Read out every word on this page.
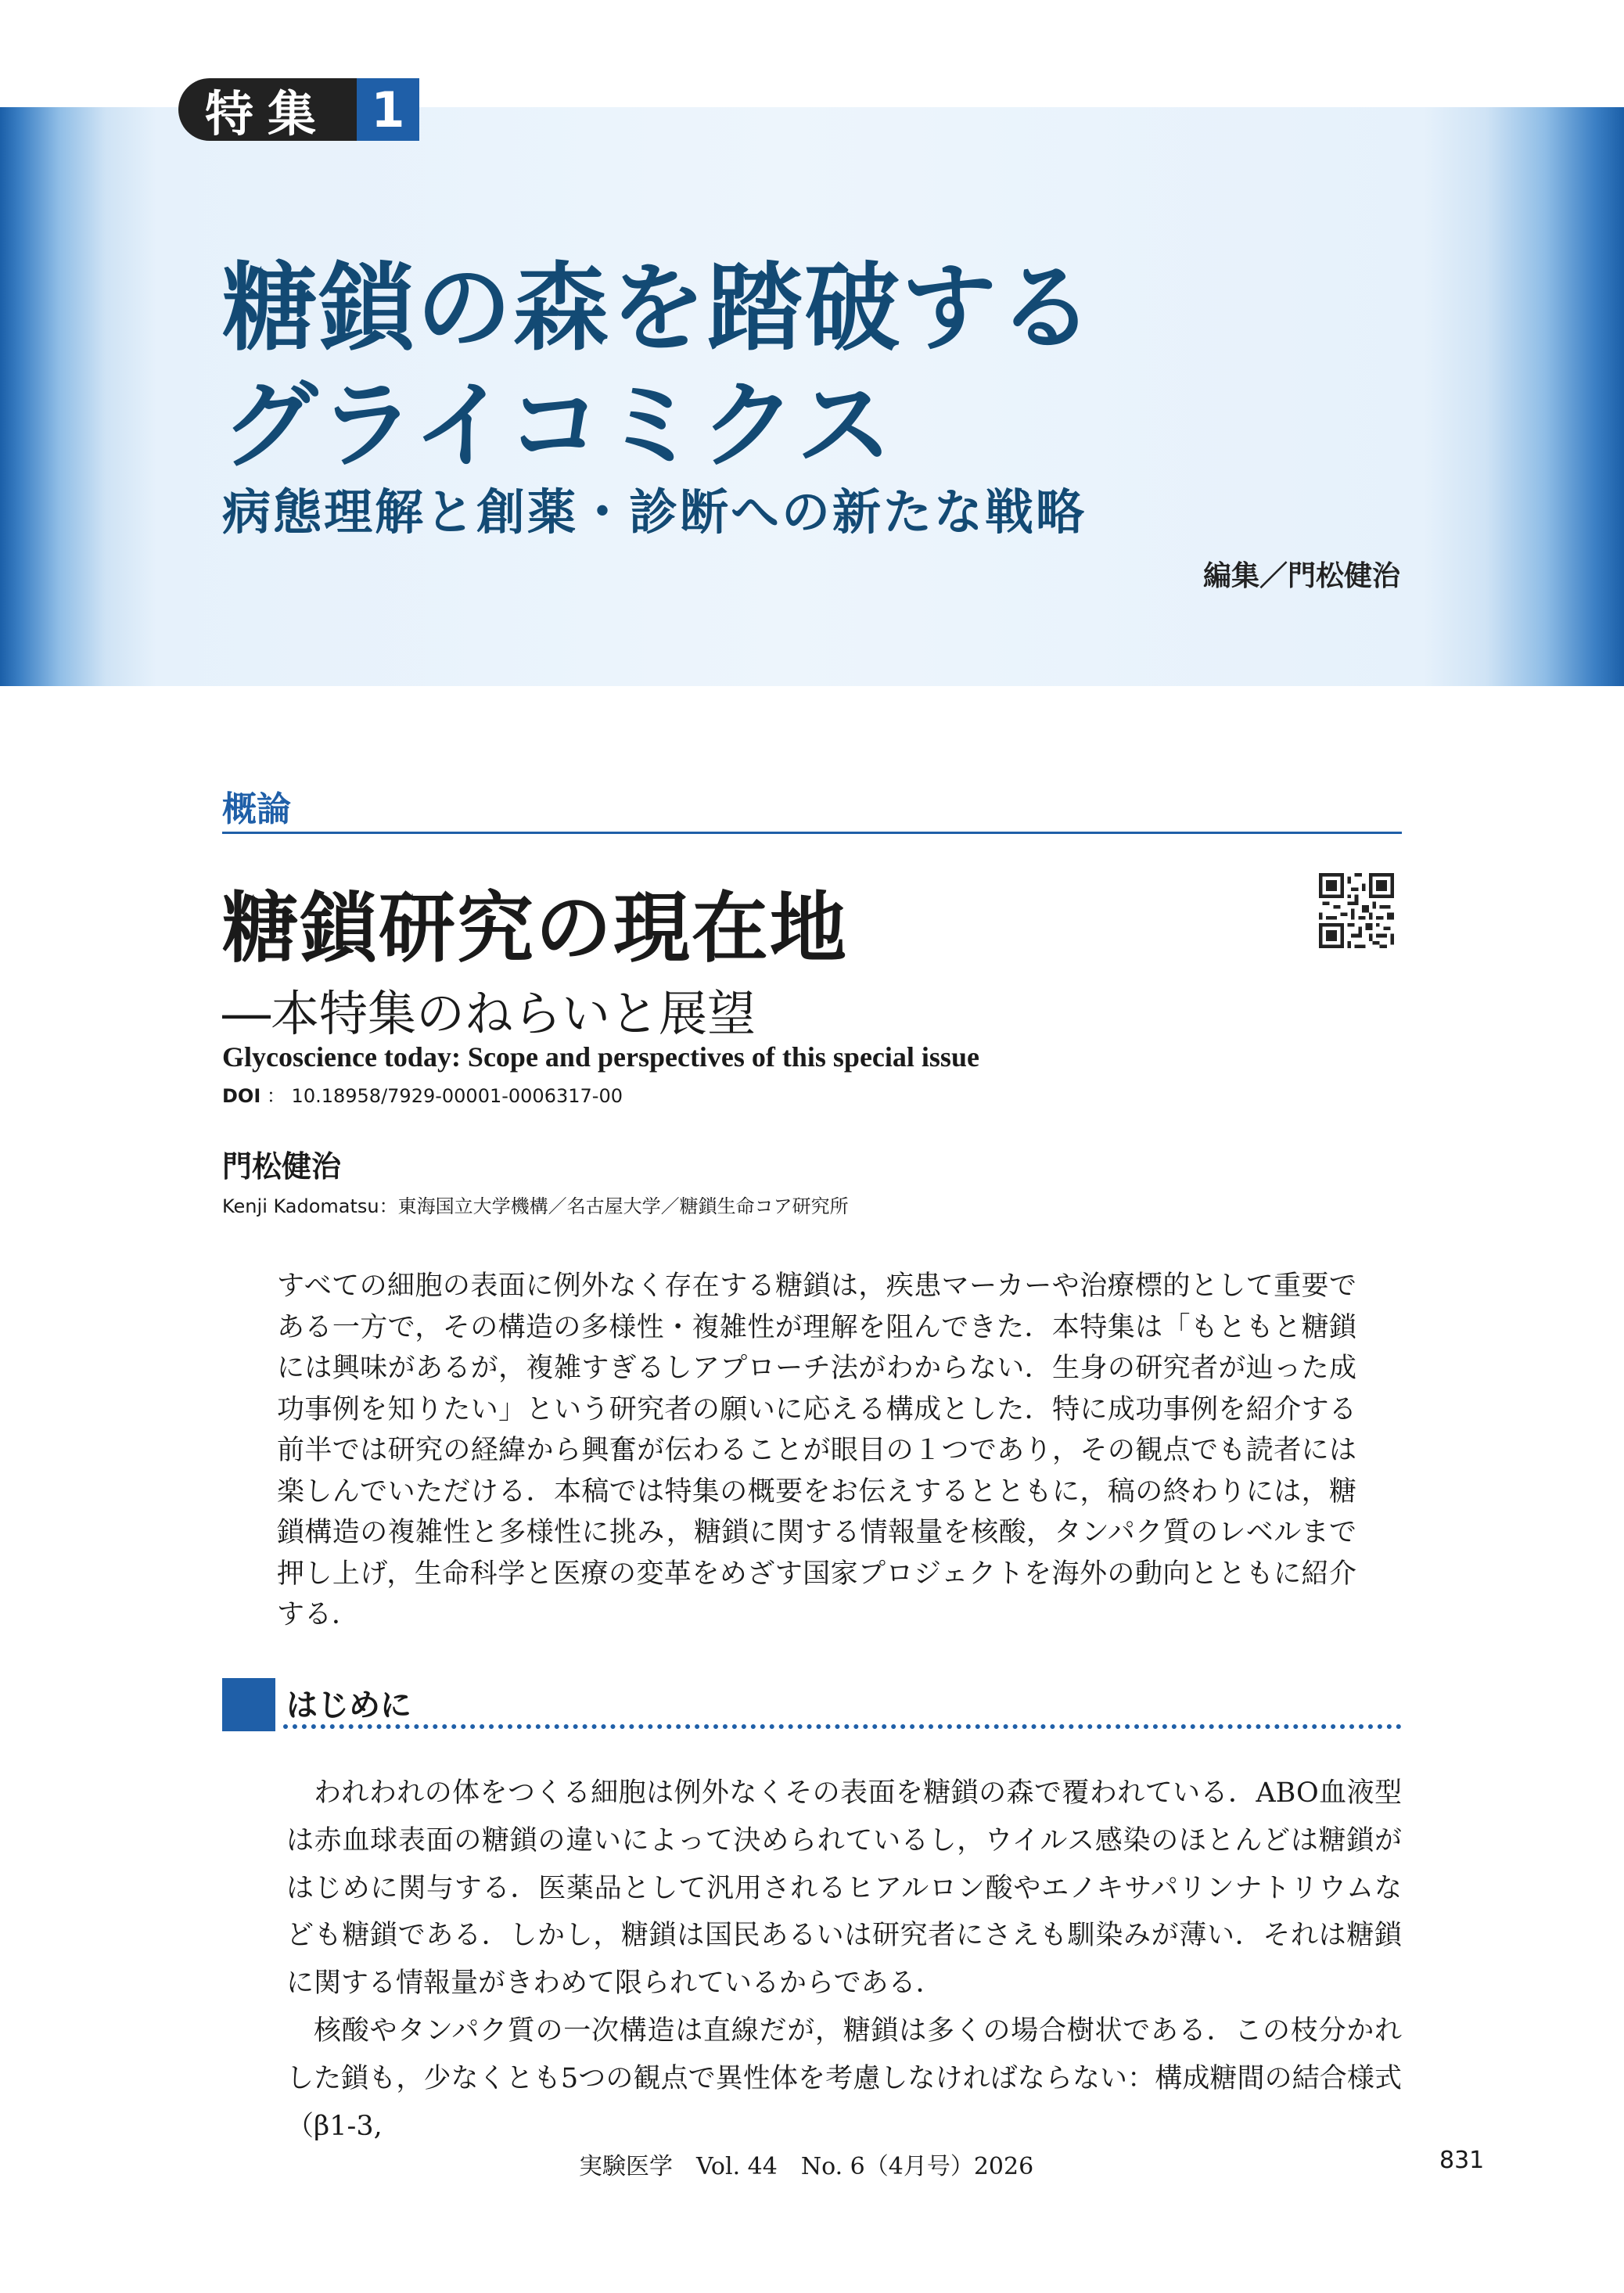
特集 1
糖鎖の森を踏破する
グライコミクス
病態理解と創薬・診断への新たな戦略
編集／門松健治
概論
糖鎖研究の現在地
―本特集のねらいと展望
Glycoscience today: Scope and perspectives of this special issue
DOI ： 10.18958/7929-00001-0006317-00
門松健治
Kenji Kadomatsu：東海国立大学機構／名古屋大学／糖鎖生命コア研究所

すべての細胞の表面に例外なく存在する糖鎖は，疾患マーカーや治療標的として重要である一方で，その構造の多様性・複雑性が理解を阻んできた．本特集は「もともと糖鎖には興味があるが，複雑すぎるしアプローチ法がわからない．生身の研究者が辿った成功事例を知りたい」という研究者の願いに応える構成とした．特に成功事例を紹介する前半では研究の経緯から興奮が伝わることが眼目の１つであり，その観点でも読者には楽しんでいただける．本稿では特集の概要をお伝えするとともに，稿の終わりには，糖鎖構造の複雑性と多様性に挑み，糖鎖に関する情報量を核酸，タンパク質のレベルまで押し上げ，生命科学と医療の変革をめざす国家プロジェクトを海外の動向とともに紹介する．

はじめに

われわれの体をつくる細胞は例外なくその表面を糖鎖の森で覆われている．ABO血液型は赤血球表面の糖鎖の違いによって決められているし，ウイルス感染のほとんどは糖鎖がはじめに関与する．医薬品として汎用されるヒアルロン酸やエノキサパリンナトリウムなども糖鎖である．しかし，糖鎖は国民あるいは研究者にさえも馴染みが薄い．それは糖鎖に関する情報量がきわめて限られているからである．

核酸やタンパク質の一次構造は直線だが，糖鎖は多くの場合樹状である．この枝分かれした鎖も，少なくとも5つの観点で異性体を考慮しなければならない：構成糖間の結合様式（β1-3,

実験医学　Vol. 44　No. 6（4月号）2026	831
